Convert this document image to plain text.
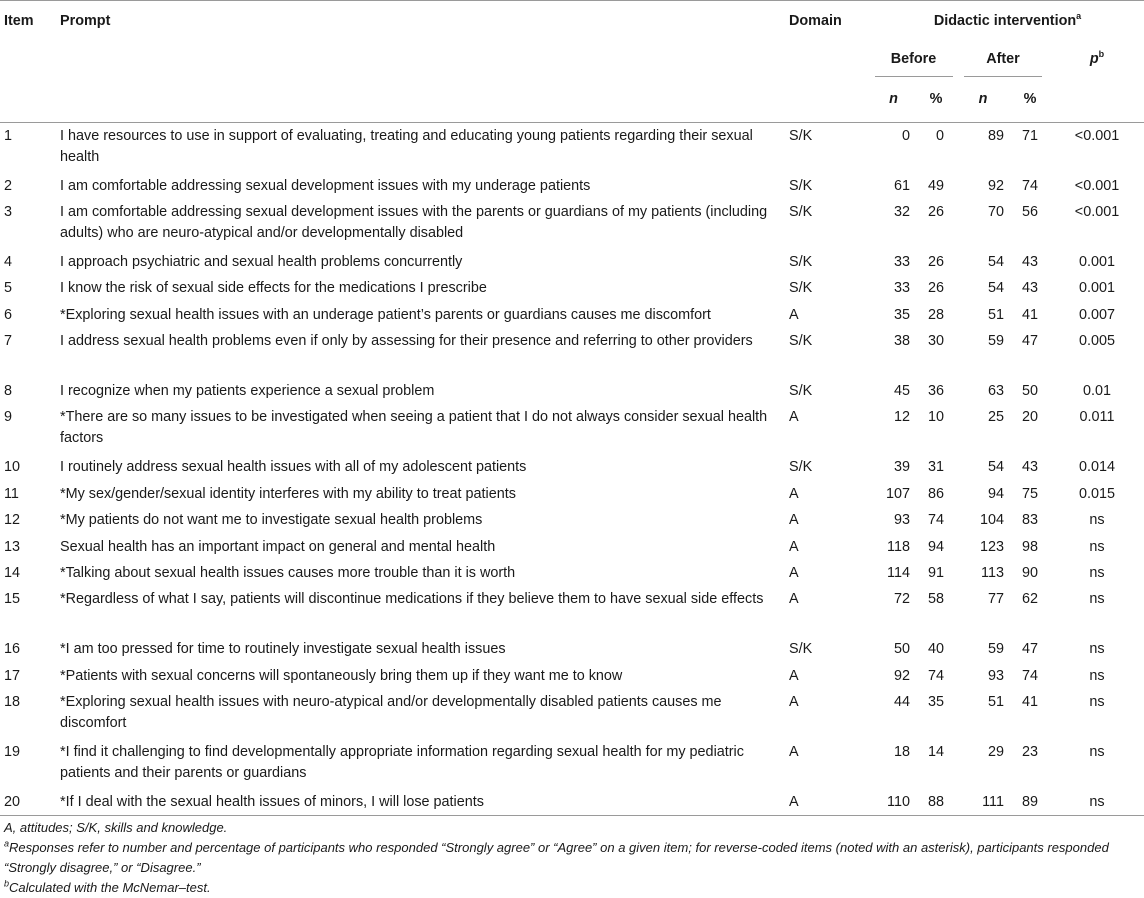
Item	Prompt	Domain	Didactic intervention$^a$
			Before		After		$p^b$
			n	%	n	%	
1	I have resources to use in support of evaluating, treating and educating young patients regarding their sexual health	S/K	0	0	89	71	<0.001
2	I am comfortable addressing sexual development issues with my underage patients	S/K	61	49	92	74	<0.001
3	I am comfortable addressing sexual development issues with the parents or guardians of my patients (including adults) who are neuro-atypical and/or developmentally disabled	S/K	32	26	70	56	<0.001
4	I approach psychiatric and sexual health problems concurrently	S/K	33	26	54	43	0.001
5	I know the risk of sexual side effects for the medications I prescribe	S/K	33	26	54	43	0.001
6	*Exploring sexual health issues with an underage patient’s parents or guardians causes me discomfort	A	35	28	51	41	0.007
7	I address sexual health problems even if only by assessing for their presence and referring to other providers	S/K	38	30	59	47	0.005
8	I recognize when my patients experience a sexual problem	S/K	45	36	63	50	0.01
9	*There are so many issues to be investigated when seeing a patient that I do not always consider sexual health factors	A	12	10	25	20	0.011
10	I routinely address sexual health issues with all of my adolescent patients	S/K	39	31	54	43	0.014
11	*My sex/gender/sexual identity interferes with my ability to treat patients	A	107	86	94	75	0.015
12	*My patients do not want me to investigate sexual health problems	A	93	74	104	83	ns
13	Sexual health has an important impact on general and mental health	A	118	94	123	98	ns
14	*Talking about sexual health issues causes more trouble than it is worth	A	114	91	113	90	ns
15	*Regardless of what I say, patients will discontinue medications if they believe them to have sexual side effects	A	72	58	77	62	ns
16	*I am too pressed for time to routinely investigate sexual health issues	S/K	50	40	59	47	ns
17	*Patients with sexual concerns will spontaneously bring them up if they want me to know	A	92	74	93	74	ns
18	*Exploring sexual health issues with neuro-atypical and/or developmentally disabled patients causes me discomfort	A	44	35	51	41	ns
19	*I find it challenging to find developmentally appropriate information regarding sexual health for my pediatric patients and their parents or guardians	A	18	14	29	23	ns
20	*If I deal with the sexual health issues of minors, I will lose patients	A	110	88	111	89	ns

A, attitudes; S/K, skills and knowledge.

$^a$Responses refer to number and percentage of participants who responded “Strongly agree” or “Agree” on a given item; for reverse-coded items (noted with an asterisk), participants responded “Strongly disagree,” or “Disagree.”

$^b$Calculated with the McNemar–test.
